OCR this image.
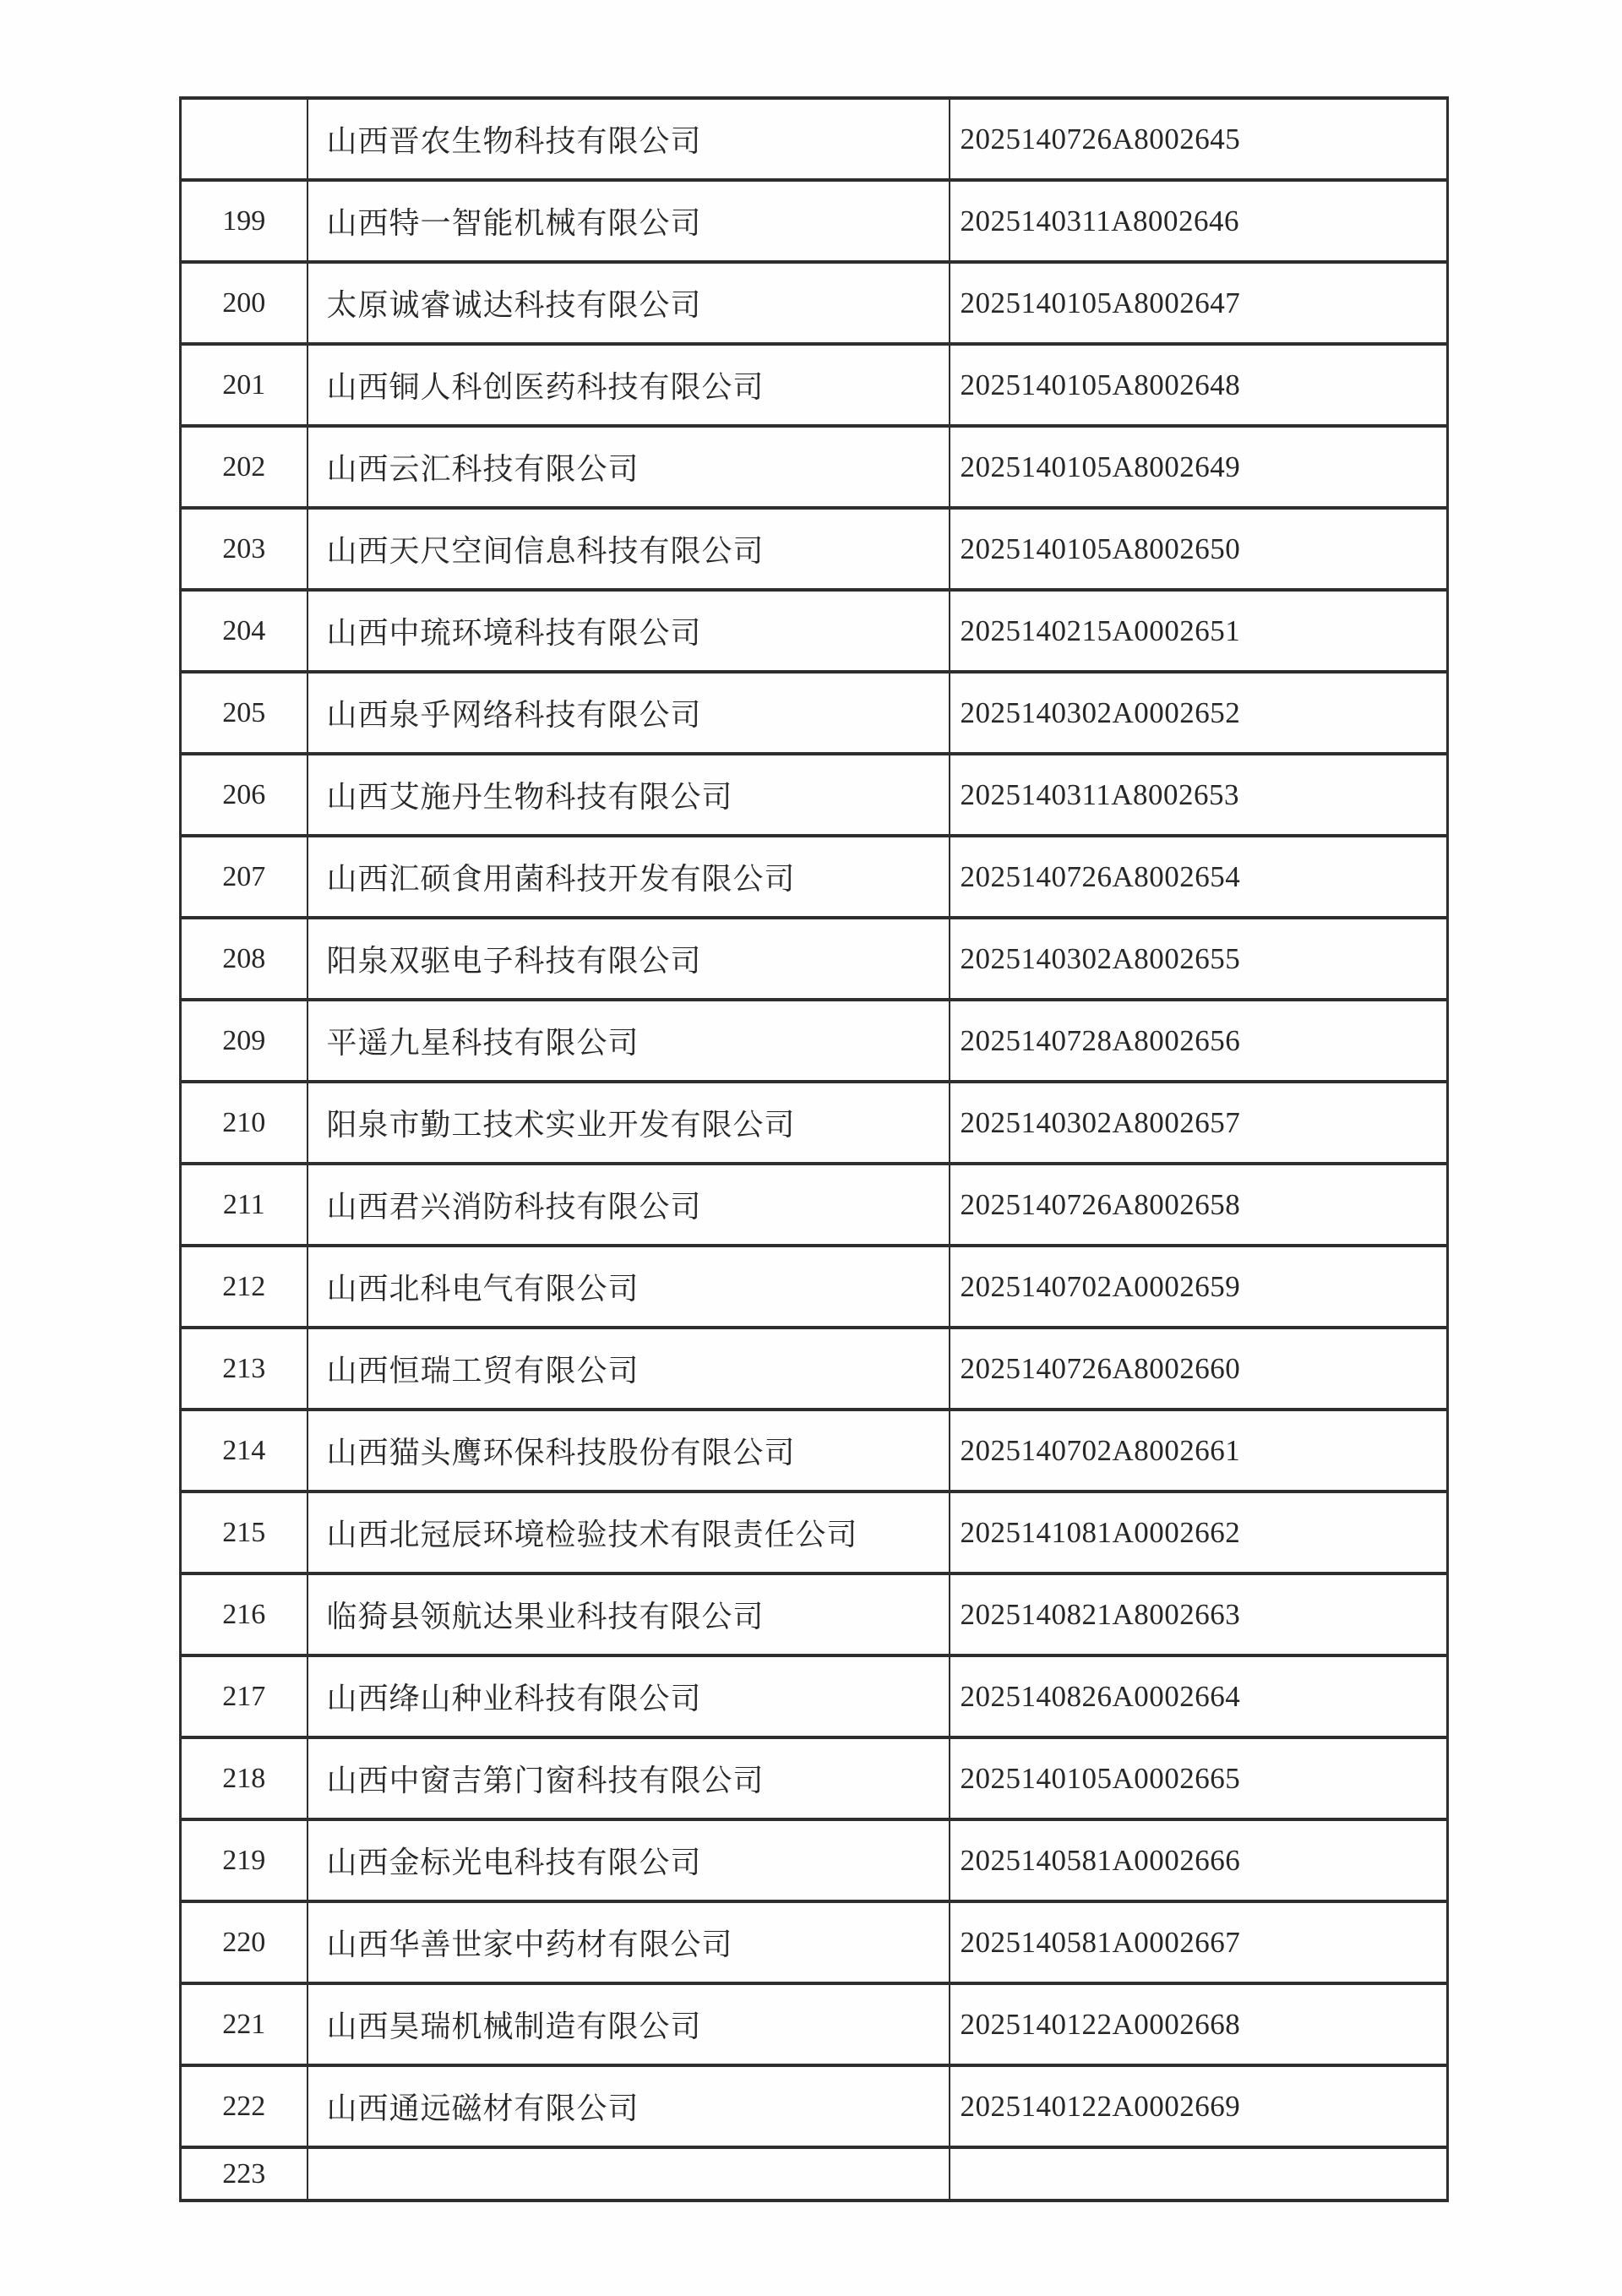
	山西晋农生物科技有限公司	2025140726A8002645
199	山西特一智能机械有限公司	2025140311A8002646
200	太原诚睿诚达科技有限公司	2025140105A8002647
201	山西铜人科创医药科技有限公司	2025140105A8002648
202	山西云汇科技有限公司	2025140105A8002649
203	山西天尺空间信息科技有限公司	2025140105A8002650
204	山西中琉环境科技有限公司	2025140215A0002651
205	山西泉乎网络科技有限公司	2025140302A0002652
206	山西艾施丹生物科技有限公司	2025140311A8002653
207	山西汇硕食用菌科技开发有限公司	2025140726A8002654
208	阳泉双驱电子科技有限公司	2025140302A8002655
209	平遥九星科技有限公司	2025140728A8002656
210	阳泉市勤工技术实业开发有限公司	2025140302A8002657
211	山西君兴消防科技有限公司	2025140726A8002658
212	山西北科电气有限公司	2025140702A0002659
213	山西恒瑞工贸有限公司	2025140726A8002660
214	山西猫头鹰环保科技股份有限公司	2025140702A8002661
215	山西北冠辰环境检验技术有限责任公司	2025141081A0002662
216	临猗县领航达果业科技有限公司	2025140821A8002663
217	山西绛山种业科技有限公司	2025140826A0002664
218	山西中窗吉第门窗科技有限公司	2025140105A0002665
219	山西金标光电科技有限公司	2025140581A0002666
220	山西华善世家中药材有限公司	2025140581A0002667
221	山西昊瑞机械制造有限公司	2025140122A0002668
222	山西通远磁材有限公司	2025140122A0002669
223		
